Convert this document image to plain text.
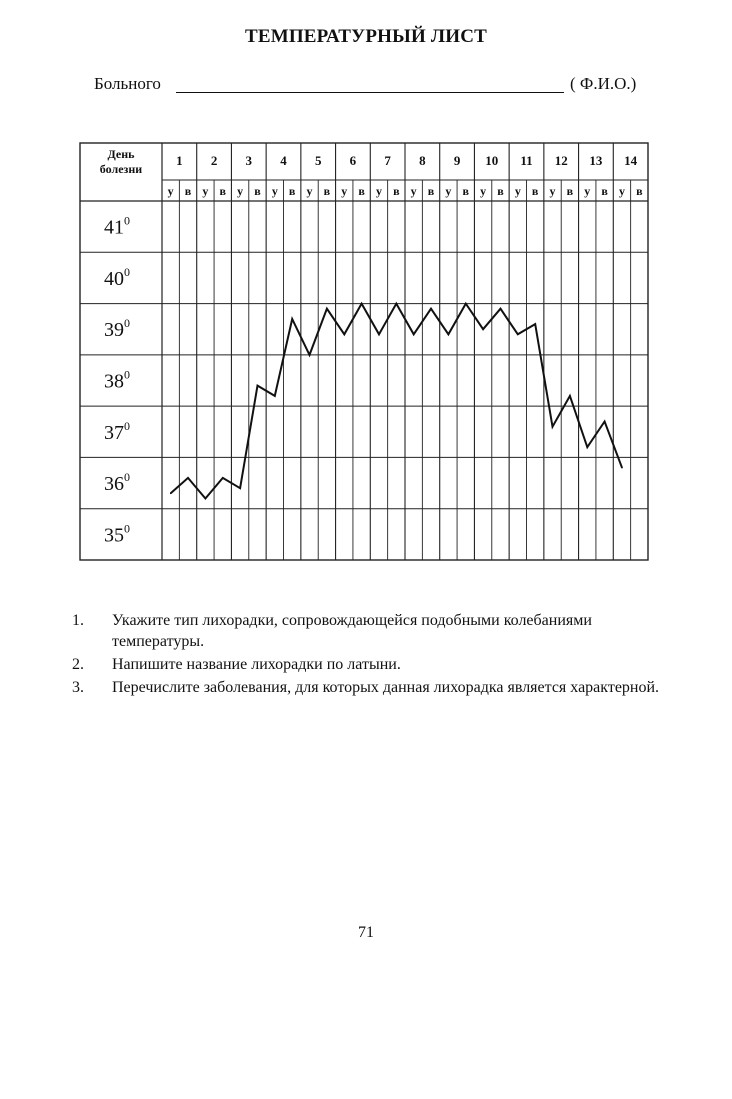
ТЕМПЕРАТУРНЫЙ ЛИСТ
Больного	( Ф.И.О.)
День
болезни
1 2 3 4 5 6 7 8 9 10 11 12 13 14
у в у в у в у в у в у в у в у в у в у в у в у в у в у в
$41^0$
$40^0$
$39^0$
$38^0$
$37^0$
$36^0$
$35^0$
1. Укажите тип лихорадки, сопровождающейся подобными колебаниями температуры.
2. Напишите название лихорадки по латыни.
3. Перечислите заболевания, для которых данная лихорадка является характерной.
71
